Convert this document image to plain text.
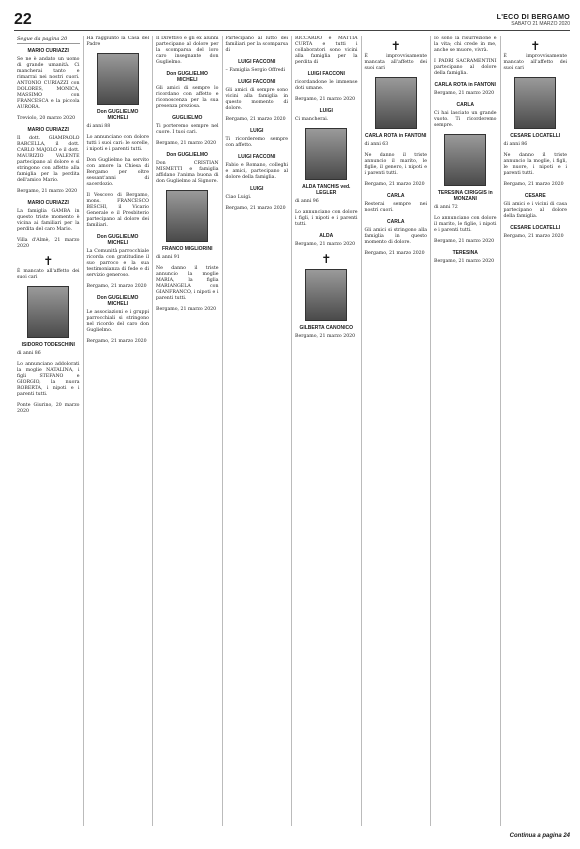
22	L'ECO DI BERGAMO
SABATO 21 MARZO 2020
Segue da pagina 20
MARIO CURIAZZI

Se ne è andato un uomo di grande umanità. Ci mancherai tanto e rimarrai nei nostri cuori. ANTONIO CURIAZZI con DOLORES, MONICA, MASSIMO con FRANCESCA e la piccola AURORA.

Treviolo, 20 marzo 2020

MARIO CURIAZZI

Il dott. GIAMPAOLO BARCELLA, il dott. CARLO MAJOLO e il dott. MAURIZIO VALENTE partecipano al dolore e si stringono con affetto alla famiglia per la perdita dell'amico Mario.

Bergamo, 21 marzo 2020

MARIO CURIAZZI

La famiglia GAMBA in questo triste momento è vicina ai familiari per la perdita del caro Mario.

Villa d'Almè, 21 marzo 2020

✝

È mancato all'affetto dei suoi cari

ISIDORO TODESCHINI

di anni 86

Lo annunciano addolorati la moglie NATALINA, i figli STEFANO e GIORGIO, la nuora ROBERTA, i nipoti e i parenti tutti.

Ponte Giurino, 20 marzo 2020

Ha raggiunto la Casa del Padre

Don GUGLIELMO MICHELI

di anni 88

Lo annunciano con dolore tutti i suoi cari: le sorelle, i nipoti e i parenti tutti.

Don Guglielmo ha servito con amore la Chiesa di Bergamo per oltre sessant'anni di sacerdozio.

Il Vescovo di Bergamo, mons. FRANCESCO BESCHI, il Vicario Generale e il Presbiterio partecipano al dolore dei familiari.

Don GUGLIELMO MICHELI

La Comunità parrocchiale ricorda con gratitudine il suo parroco e la sua testimonianza di fede e di servizio generoso.

Bergamo, 21 marzo 2020

Don GUGLIELMO MICHELI

Le associazioni e i gruppi parrocchiali si stringono nel ricordo del caro don Guglielmo.

Bergamo, 21 marzo 2020

Il Direttivo e gli ex alunni partecipano al dolore per la scomparsa del loro caro insegnante don Guglielmo.

Don GUGLIELMO MICHELI

Gli amici di sempre lo ricordano con affetto e riconoscenza per la sua presenza preziosa.

GUGLIELMO

Ti porteremo sempre nel cuore. I tuoi cari.

Bergamo, 21 marzo 2020

Don GUGLIELMO

Don CRISTIAN MISMETTI e famiglia affidano l'anima buona di don Guglielmo al Signore.

FRANCO MIGLIORINI

di anni 91

Ne danno il triste annuncio la moglie MARIA, la figlia MARIANGELA con GIANFRANCO, i nipoti e i parenti tutti.

Bergamo, 21 marzo 2020

Partecipano al lutto dei familiari per la scomparsa di

LUIGI FACCONI

– Famiglia Sergio Offredi

LUIGI FACCONI

Gli amici di sempre sono vicini alla famiglia in questo momento di dolore.

Bergamo, 21 marzo 2020

LUIGI

Ti ricorderemo sempre con affetto.

LUIGI FACCONI

Fabio e Romano, colleghi e amici, partecipano al dolore della famiglia.

LUIGI

Ciao Luigi.

Bergamo, 21 marzo 2020

RICCARDO e MATTIA CURTA e tutti i collaboratori sono vicini alla famiglia per la perdita di

LUIGI FACCONI

ricordandone le immense doti umane.

Bergamo, 21 marzo 2020

LUIGI

Ci mancherai.

ALDA TANCHIS ved. LEGLER

di anni 96

Lo annunciano con dolore i figli, i nipoti e i parenti tutti.

ALDA

Bergamo, 21 marzo 2020

✝
GILBERTA CANONICO

Bergamo, 21 marzo 2020

✝

È improvvisamente mancata all'affetto dei suoi cari

CARLA ROTA in FANTONI

di anni 63

Ne danno il triste annuncio il marito, le figlie, il genero, i nipoti e i parenti tutti.

Bergamo, 21 marzo 2020

CARLA

Resterai sempre nei nostri cuori.

CARLA

Gli amici si stringono alla famiglia in questo momento di dolore.

Bergamo, 21 marzo 2020

Io sono la risurrezione e la vita; chi crede in me, anche se muore, vivrà.

I PADRI SACRAMENTINI partecipano al dolore della famiglia.

CARLA ROTA in FANTONI

Bergamo, 21 marzo 2020

CARLA

Ci hai lasciato un grande vuoto. Ti ricorderemo sempre.

TERESINA CIRIGGIS in MONZANI

di anni 72

Lo annunciano con dolore il marito, le figlie, i nipoti e i parenti tutti.

Bergamo, 21 marzo 2020

TERESINA

Bergamo, 21 marzo 2020

✝

È improvvisamente mancato all'affetto dei suoi cari

CESARE LOCATELLI

di anni 86

Ne danno il triste annuncio la moglie, i figli, le nuore, i nipoti e i parenti tutti.

Bergamo, 21 marzo 2020

CESARE

Gli amici e i vicini di casa partecipano al dolore della famiglia.

CESARE LOCATELLI

Bergamo, 21 marzo 2020

Continua a pagina 24
